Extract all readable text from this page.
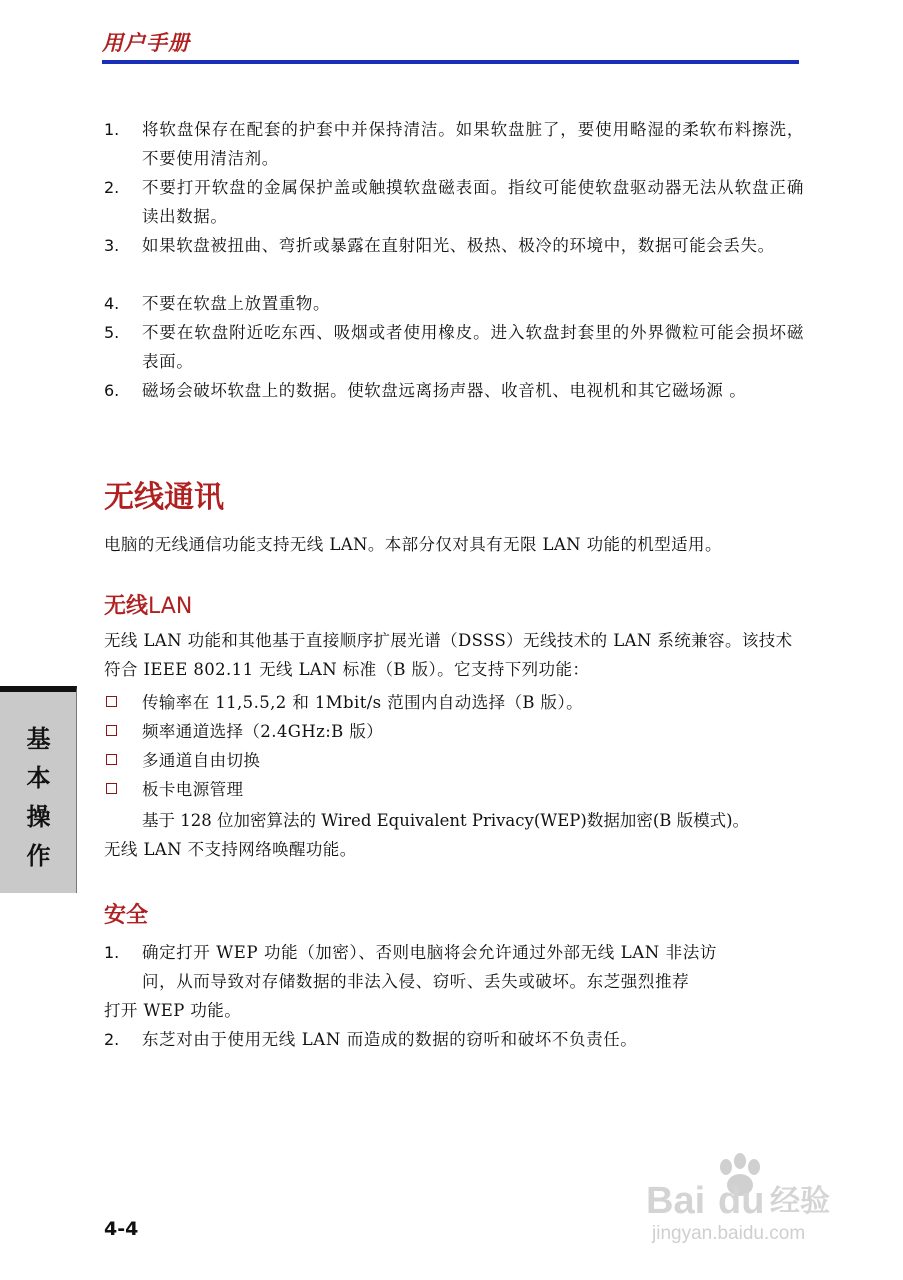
用户手册
1. 将软盘保存在配套的护套中并保持清洁。如果软盘脏了，要使用略湿的柔软布料擦洗，不要使用清洁剂。
2. 不要打开软盘的金属保护盖或触摸软盘磁表面。指纹可能使软盘驱动器无法从软盘正确读出数据。
3. 如果软盘被扭曲、弯折或暴露在直射阳光、极热、极冷的环境中，数据可能会丢失。
4. 不要在软盘上放置重物。
5. 不要在软盘附近吃东西、吸烟或者使用橡皮。进入软盘封套里的外界微粒可能会损坏磁表面。
6. 磁场会破坏软盘上的数据。使软盘远离扬声器、收音机、电视机和其它磁场源 。
无线通讯
电脑的无线通信功能支持无线 LAN。本部分仅对具有无限 LAN 功能的机型适用。
无线LAN
无线 LAN 功能和其他基于直接顺序扩展光谱（DSSS）无线技术的 LAN 系统兼容。该技术符合 IEEE 802.11 无线 LAN 标准（B 版）。它支持下列功能：
传输率在 11,5.5,2 和 1Mbit/s 范围内自动选择（B 版）。
频率通道选择（2.4GHz:B 版）
多通道自由切换
板卡电源管理
基于 128 位加密算法的 Wired Equivalent Privacy(WEP)数据加密(B 版模式)。
无线 LAN 不支持网络唤醒功能。
安全
1. 确定打开 WEP 功能（加密）、否则电脑将会允许通过外部无线 LAN 非法访
问，从而导致对存储数据的非法入侵、窃听、丢失或破坏。东芝强烈推荐
打开 WEP 功能。
2. 东芝对由于使用无线 LAN 而造成的数据的窃听和破坏不负责任。
基
本
操
作
4-4
Bai du 经验
jingyan.baidu.com
